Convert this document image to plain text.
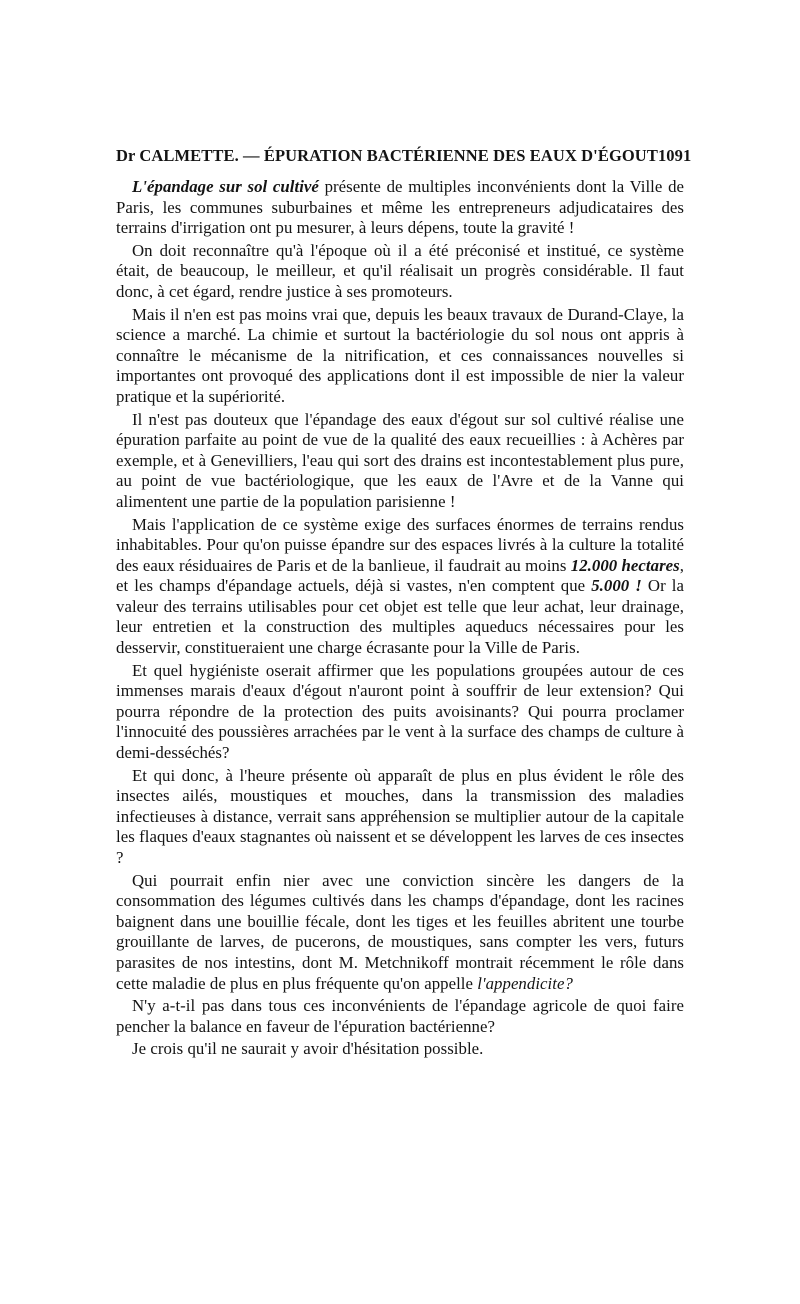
Dr CALMETTE. — ÉPURATION BACTÉRIENNE DES EAUX D'ÉGOUT 1091

L'épandage sur sol cultivé présente de multiples inconvénients dont la Ville de Paris, les communes suburbaines et même les entrepreneurs adjudicataires des terrains d'irrigation ont pu mesurer, à leurs dépens, toute la gravité !

On doit reconnaître qu'à l'époque où il a été préconisé et institué, ce système était, de beaucoup, le meilleur, et qu'il réalisait un progrès considérable. Il faut donc, à cet égard, rendre justice à ses promoteurs.

Mais il n'en est pas moins vrai que, depuis les beaux travaux de Durand-Claye, la science a marché. La chimie et surtout la bactériologie du sol nous ont appris à connaître le mécanisme de la nitrification, et ces connaissances nouvelles si importantes ont provoqué des applications dont il est impossible de nier la valeur pratique et la supériorité.

Il n'est pas douteux que l'épandage des eaux d'égout sur sol cultivé réalise une épuration parfaite au point de vue de la qualité des eaux recueillies : à Achères par exemple, et à Genevilliers, l'eau qui sort des drains est incontestablement plus pure, au point de vue bactériologique, que les eaux de l'Avre et de la Vanne qui alimentent une partie de la population parisienne !

Mais l'application de ce système exige des surfaces énormes de terrains rendus inhabitables. Pour qu'on puisse épandre sur des espaces livrés à la culture la totalité des eaux résiduaires de Paris et de la banlieue, il faudrait au moins 12.000 hectares, et les champs d'épandage actuels, déjà si vastes, n'en comptent que 5.000 ! Or la valeur des terrains utilisables pour cet objet est telle que leur achat, leur drainage, leur entretien et la construction des multiples aqueducs nécessaires pour les desservir, constitueraient une charge écrasante pour la Ville de Paris.

Et quel hygiéniste oserait affirmer que les populations groupées autour de ces immenses marais d'eaux d'égout n'auront point à souffrir de leur extension? Qui pourra répondre de la protection des puits avoisinants? Qui pourra proclamer l'innocuité des poussières arrachées par le vent à la surface des champs de culture à demi-desséchés?

Et qui donc, à l'heure présente où apparaît de plus en plus évident le rôle des insectes ailés, moustiques et mouches, dans la transmission des maladies infectieuses à distance, verrait sans appréhension se multiplier autour de la capitale les flaques d'eaux stagnantes où naissent et se développent les larves de ces insectes ?

Qui pourrait enfin nier avec une conviction sincère les dangers de la consommation des légumes cultivés dans les champs d'épandage, dont les racines baignent dans une bouillie fécale, dont les tiges et les feuilles abritent une tourbe grouillante de larves, de pucerons, de moustiques, sans compter les vers, futurs parasites de nos intestins, dont M. Metchnikoff montrait récemment le rôle dans cette maladie de plus en plus fréquente qu'on appelle l'appendicite?

N'y a-t-il pas dans tous ces inconvénients de l'épandage agricole de quoi faire pencher la balance en faveur de l'épuration bactérienne?

Je crois qu'il ne saurait y avoir d'hésitation possible.
